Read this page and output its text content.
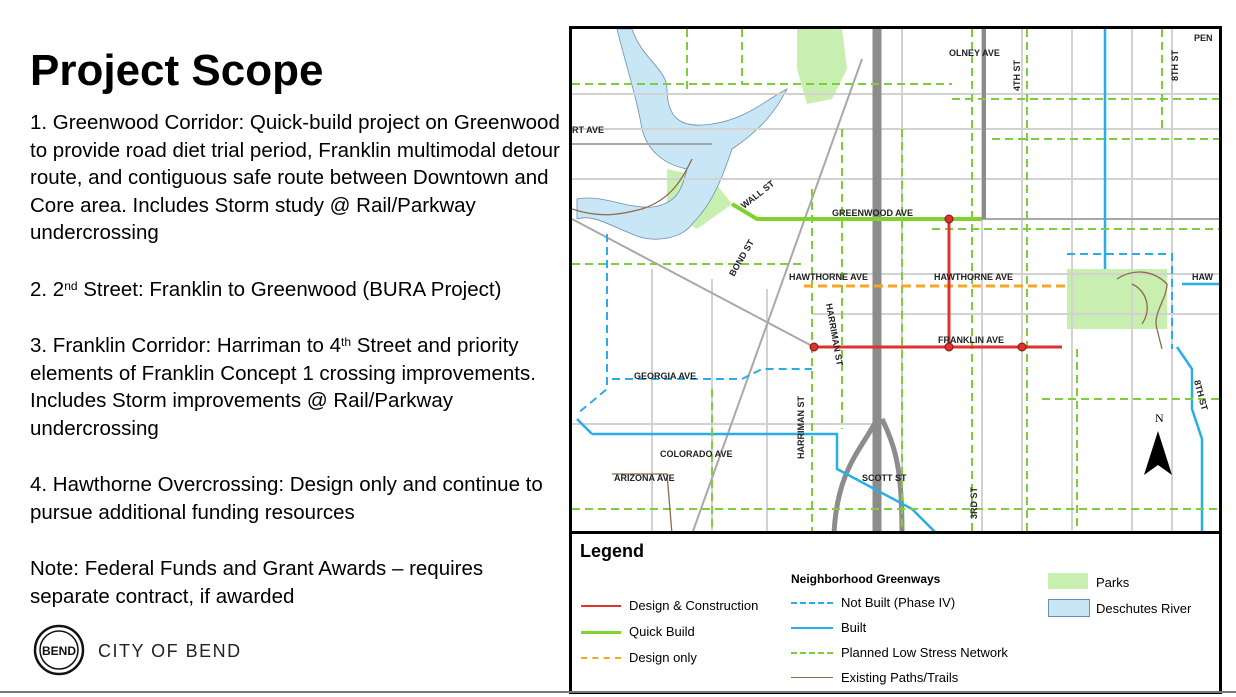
Project Scope

1. Greenwood Corridor: Quick-build project on Greenwood to provide road diet trial period, Franklin multimodal detour route, and contiguous safe route between Downtown and Core area. Includes Storm study @ Rail/Parkway undercrossing

2. 2nd Street: Franklin to Greenwood (BURA Project)

3. Franklin Corridor: Harriman to 4th Street and priority elements of Franklin Concept 1 crossing improvements. Includes Storm improvements @ Rail/Parkway undercrossing

4. Hawthorne Overcrossing: Design only and continue to pursue additional funding resources

Note: Federal Funds and Grant Awards – requires separate contract, if awarded

BEND CITY OF BEND
OLNEY AVE
4TH ST	8TH ST
PEN
RT AVE
WALL ST
GREENWOOD AVE
BOND ST	HAWTHORNE AVE	HAWTHORNE AVE	HAW
HARRIMAN ST	FRANKLIN AVE
GEORGIA AVE
HARRIMAN ST
COLORADO AVE
ARIZONA AVE	SCOTT ST
3RD ST
8TH ST
N
Legend
Neighborhood Greenways
Design & Construction
Quick Build
Design only
Not Built (Phase IV)
Built
Planned Low Stress Network
Existing Paths/Trails
Parks
Deschutes River
